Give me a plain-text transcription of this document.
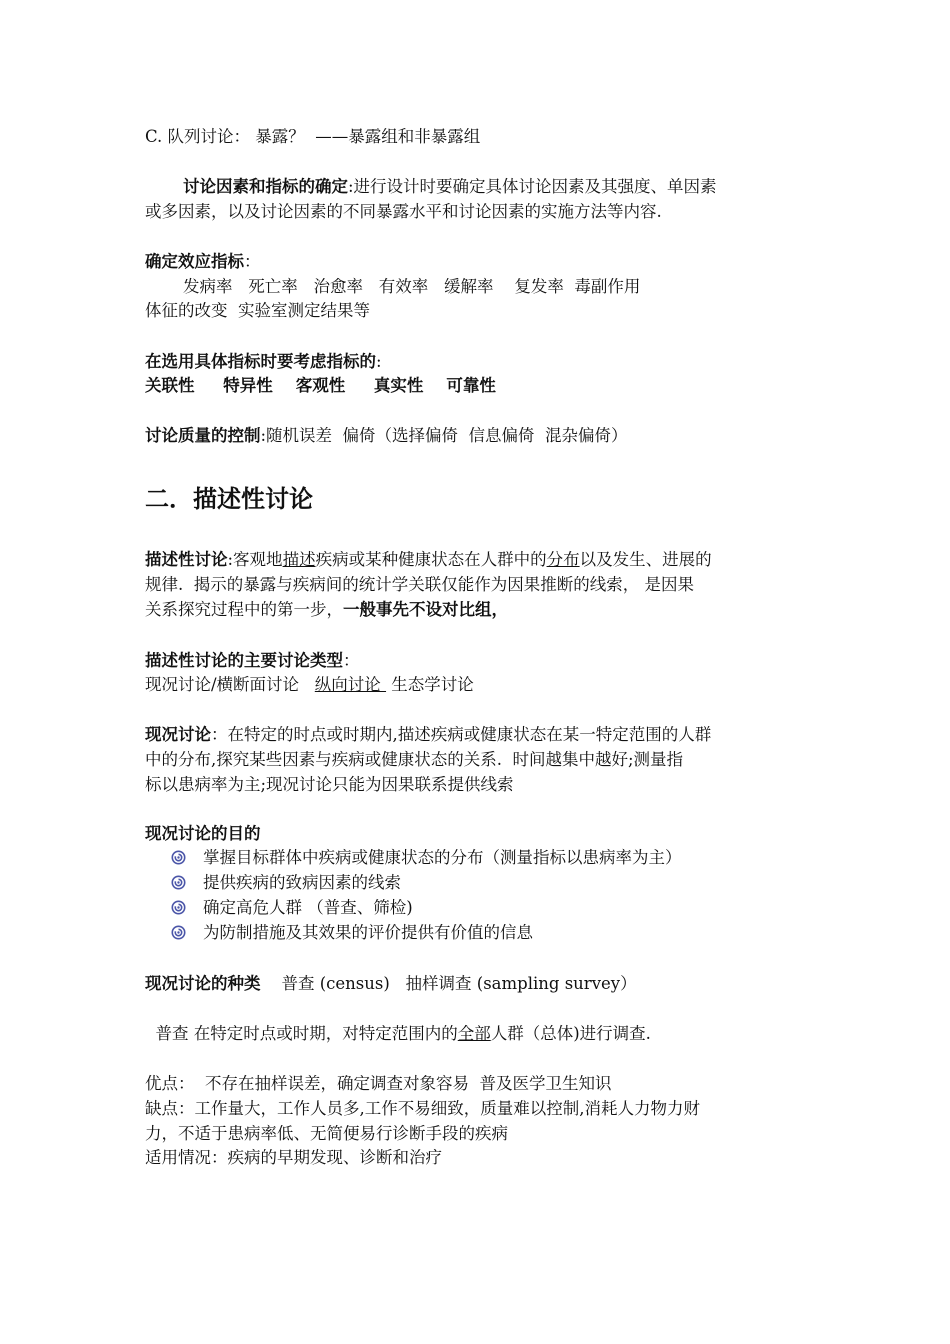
C. 队列讨论： 暴露？  ——暴露组和非暴露组
讨论因素和指标的确定:进行设计时要确定具体讨论因素及其强度、单因素
或多因素，以及讨论因素的不同暴露水平和讨论因素的实施方法等内容.
确定效应指标：
发病率   死亡率   治愈率   有效率   缓解率    复发率  毒副作用
体征的改变  实验室测定结果等
在选用具体指标时要考虑指标的:
关联性     特异性    客观性     真实性    可靠性
讨论质量的控制:随机误差  偏倚（选择偏倚  信息偏倚  混杂偏倚）
二．描述性讨论
描述性讨论:客观地描述疾病或某种健康状态在人群中的分布以及发生、进展的
规律.  揭示的暴露与疾病间的统计学关联仅能作为因果推断的线索， 是因果
关系探究过程中的第一步，一般事先不设对比组，
描述性讨论的主要讨论类型：
现况讨论/横断面讨论   纵向讨论  生态学讨论
现况讨论：在特定的时点或时期内,描述疾病或健康状态在某一特定范围的人群
中的分布,探究某些因素与疾病或健康状态的关系.  时间越集中越好;测量指
标以患病率为主;现况讨论只能为因果联系提供线索
现况讨论的目的
掌握目标群体中疾病或健康状态的分布（测量指标以患病率为主）
提供疾病的致病因素的线索
确定高危人群 （普查、筛检)
为防制措施及其效果的评价提供有价值的信息
现况讨论的种类    普查 (census)   抽样调查 (sampling survey）
普查 在特定时点或时期，对特定范围内的全部人群（总体)进行调查.
优点：  不存在抽样误差，确定调查对象容易  普及医学卫生知识
缺点：工作量大，工作人员多,工作不易细致，质量难以控制,消耗人力物力财
力，不适于患病率低、无简便易行诊断手段的疾病
适用情况：疾病的早期发现、诊断和治疗
